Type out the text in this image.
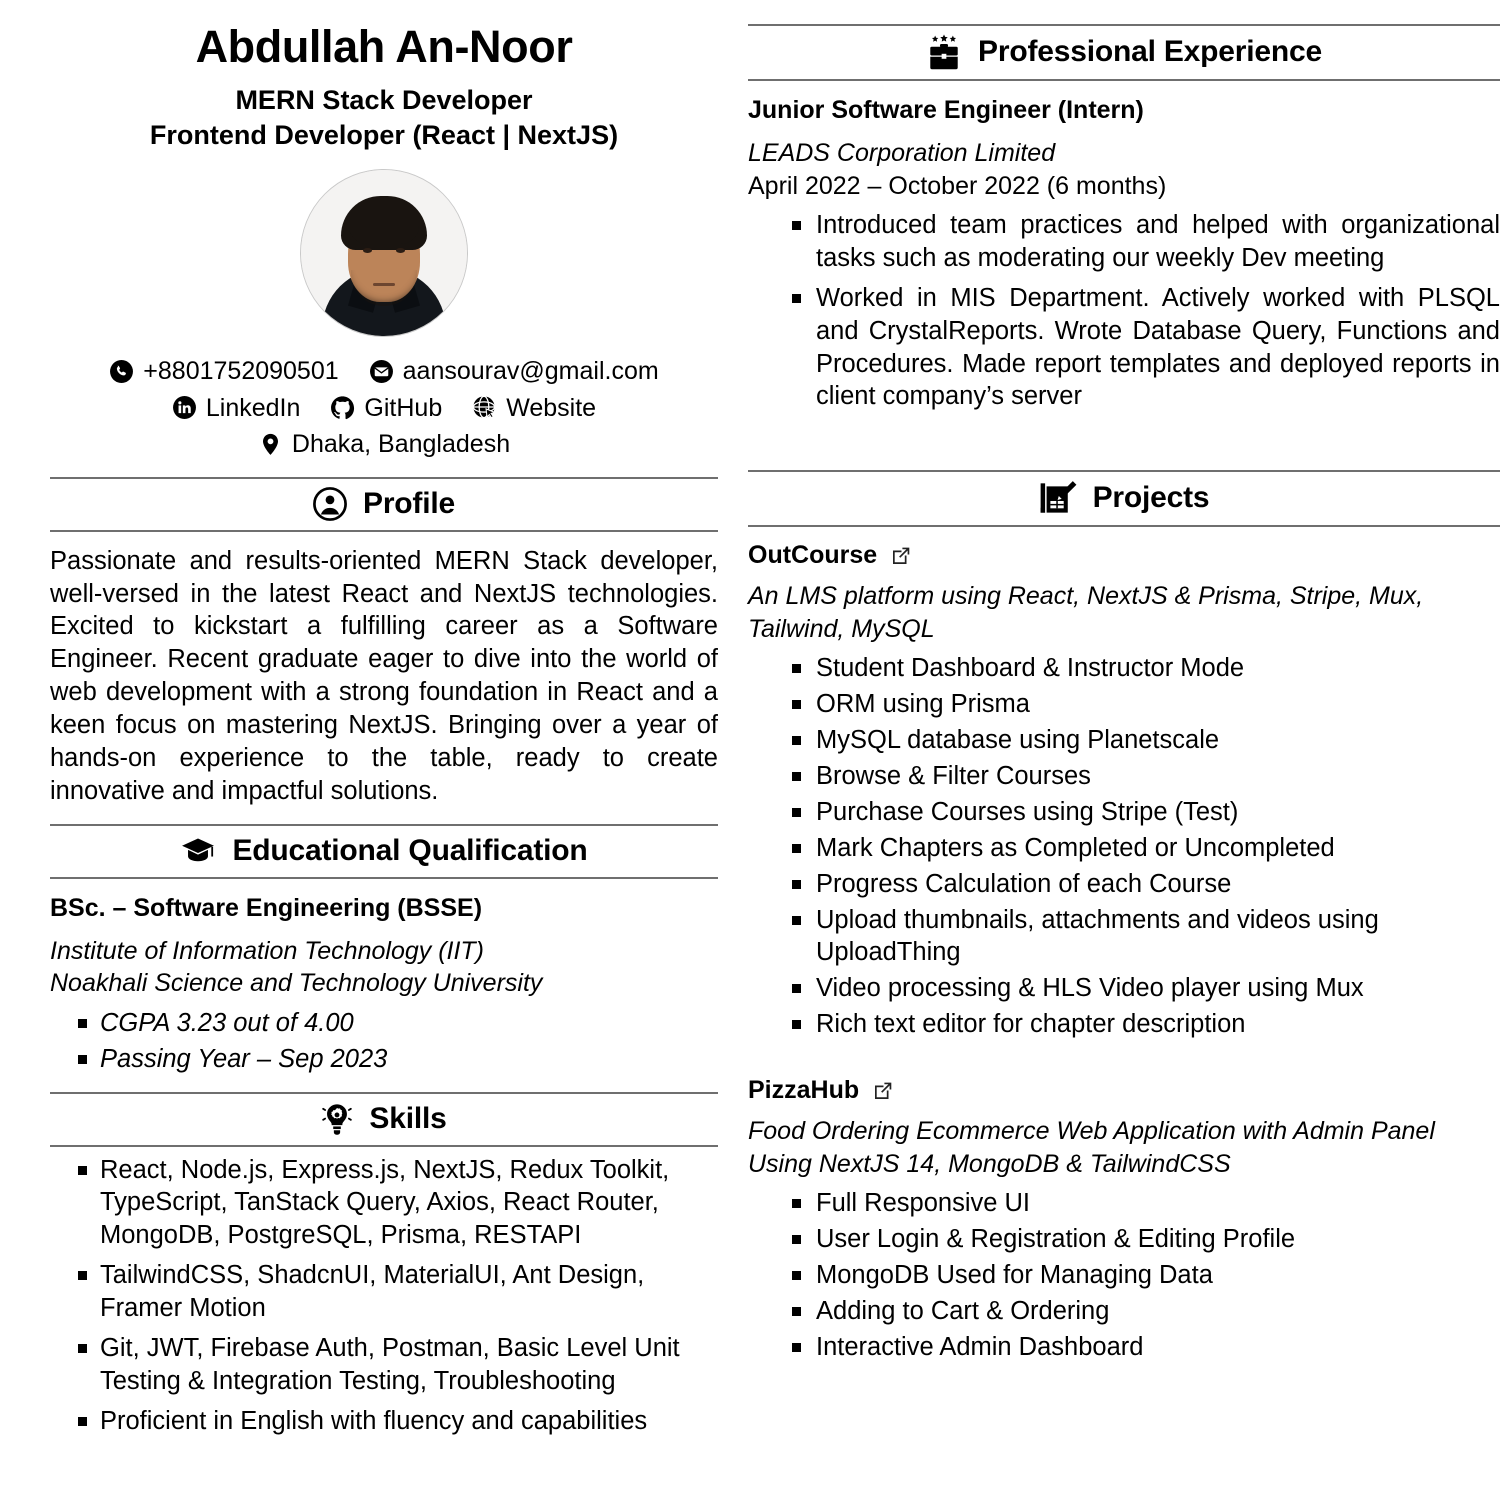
Abdullah An-Noor
MERN Stack Developer
Frontend Developer (React | NextJS)
+8801752090501	aansourav@gmail.com
LinkedIn	GitHub	Website
Dhaka, Bangladesh
Profile
Passionate and results-oriented MERN Stack developer, well-versed in the latest React and NextJS technologies. Excited to kickstart a fulfilling career as a Software Engineer. Recent graduate eager to dive into the world of web development with a strong foundation in React and a keen focus on mastering NextJS. Bringing over a year of hands-on experience to the table, ready to create innovative and impactful solutions.
Educational Qualification
BSc. – Software Engineering (BSSE)
Institute of Information Technology (IIT)
Noakhali Science and Technology University
CGPA 3.23 out of 4.00
Passing Year – Sep 2023
Skills
React, Node.js, Express.js, NextJS, Redux Toolkit, TypeScript, TanStack Query, Axios, React Router, MongoDB, PostgreSQL, Prisma, RESTAPI
TailwindCSS, ShadcnUI, MaterialUI, Ant Design, Framer Motion
Git, JWT, Firebase Auth, Postman, Basic Level Unit Testing & Integration Testing, Troubleshooting
Proficient in English with fluency and capabilities
Professional Experience
Junior Software Engineer (Intern)
LEADS Corporation Limited
April 2022 – October 2022 (6 months)
Introduced team practices and helped with organizational tasks such as moderating our weekly Dev meeting
Worked in MIS Department. Actively worked with PLSQL and CrystalReports. Wrote Database Query, Functions and Procedures. Made report templates and deployed reports in client company’s server
Projects
OutCourse
An LMS platform using React, NextJS & Prisma, Stripe, Mux, Tailwind, MySQL
Student Dashboard & Instructor Mode
ORM using Prisma
MySQL database using Planetscale
Browse & Filter Courses
Purchase Courses using Stripe (Test)
Mark Chapters as Completed or Uncompleted
Progress Calculation of each Course
Upload thumbnails, attachments and videos using UploadThing
Video processing & HLS Video player using Mux
Rich text editor for chapter description
PizzaHub
Food Ordering Ecommerce Web Application with Admin Panel Using NextJS 14, MongoDB & TailwindCSS
Full Responsive UI
User Login & Registration & Editing Profile
MongoDB Used for Managing Data
Adding to Cart & Ordering
Interactive Admin Dashboard
